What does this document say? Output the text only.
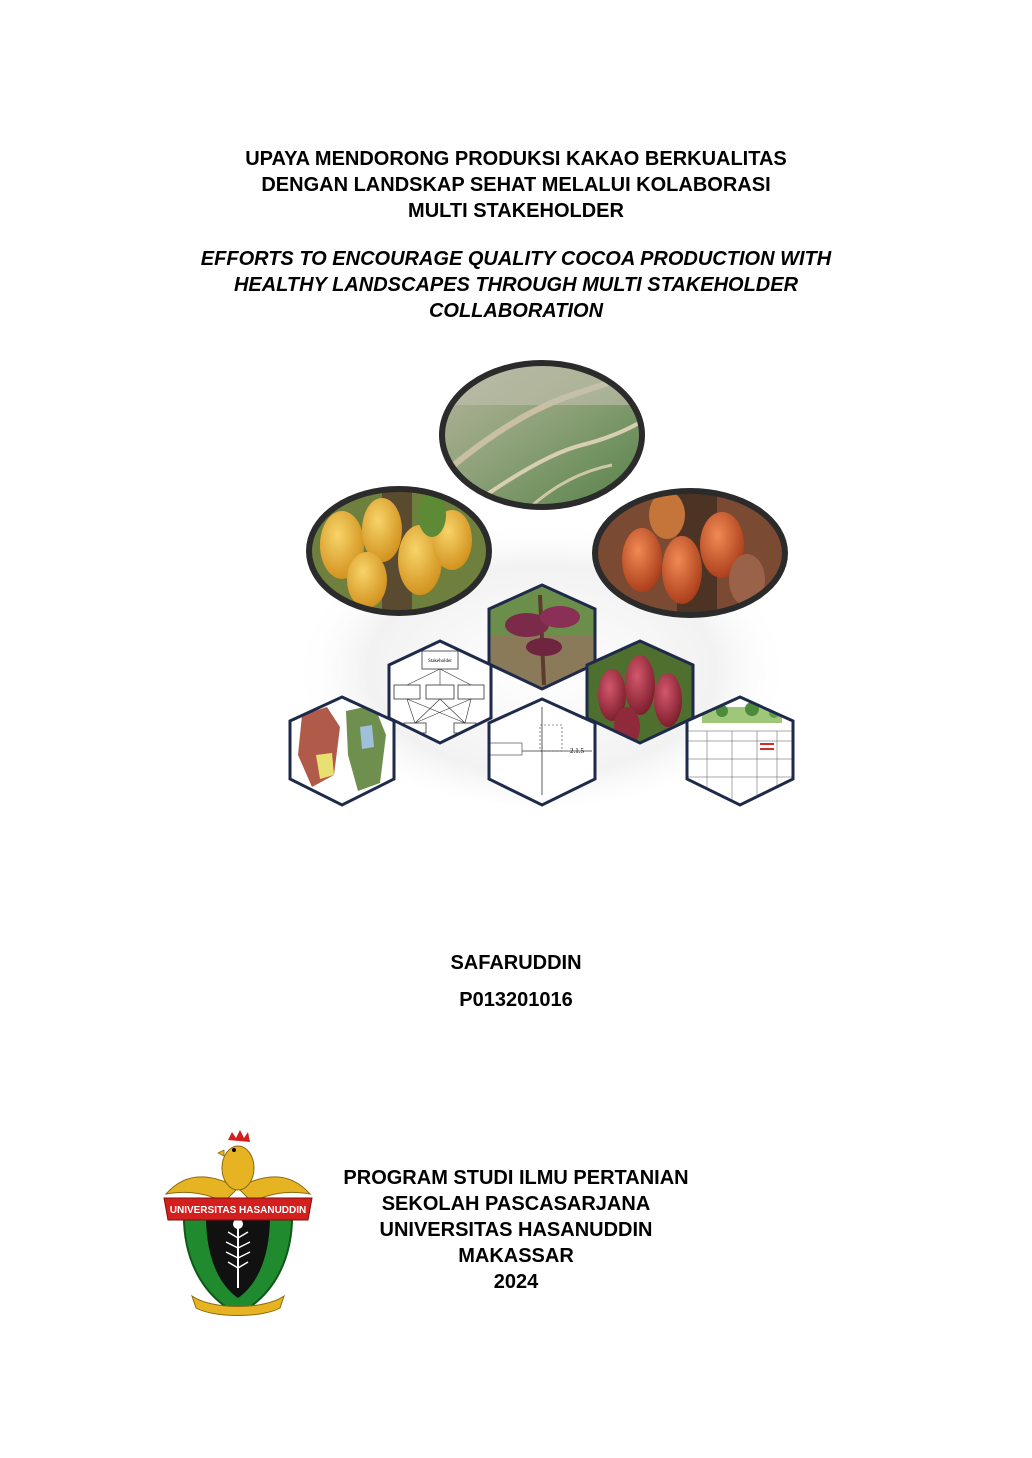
UPAYA MENDORONG PRODUKSI KAKAO BERKUALITAS
DENGAN LANDSKAP SEHAT MELALUI KOLABORASI
MULTI STAKEHOLDER
EFFORTS TO ENCOURAGE QUALITY COCOA PRODUCTION WITH
HEALTHY LANDSCAPES THROUGH MULTI STAKEHOLDER
COLLABORATION
Stakeholder
2.1.5
SAFARUDDIN
P013201016
UNIVERSITAS HASANUDDIN
PROGRAM STUDI ILMU PERTANIAN
SEKOLAH PASCASARJANA
UNIVERSITAS HASANUDDIN
MAKASSAR
2024
